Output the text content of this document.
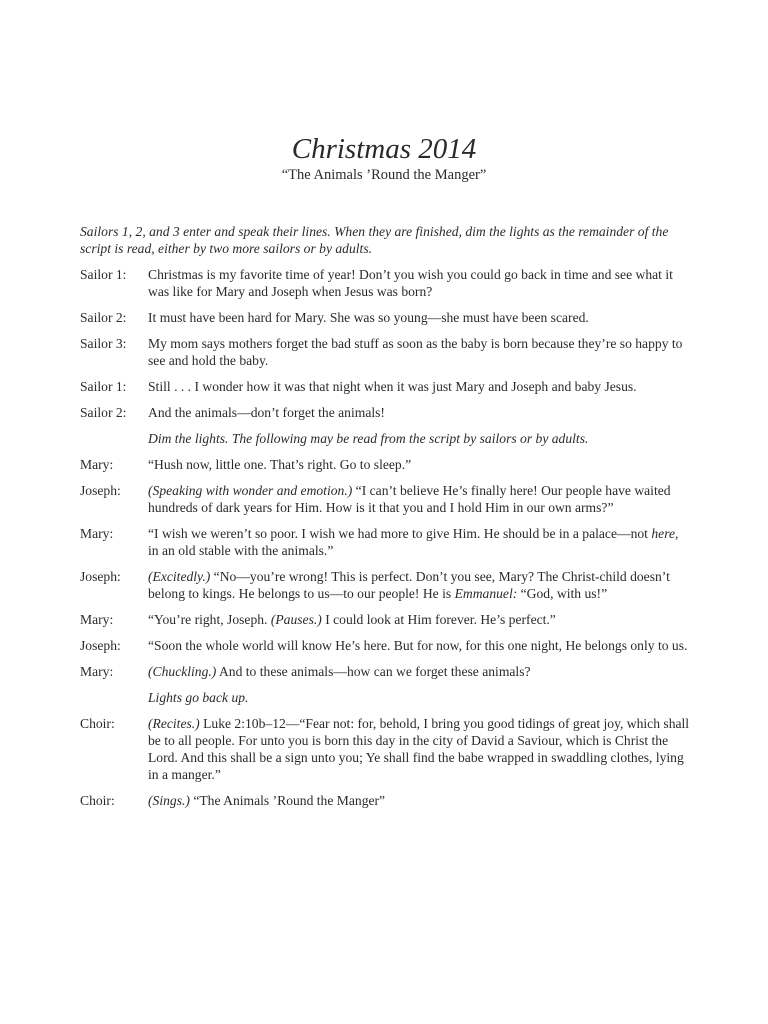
Christmas 2014

“The Animals ’Round the Manger”

Sailors 1, 2, and 3 enter and speak their lines. When they are finished, dim the lights as the remainder of the script is read, either by two more sailors or by adults.

Sailor 1:	Christmas is my favorite time of year! Don’t you wish you could go back in time and see what it was like for Mary and Joseph when Jesus was born?
Sailor 2:	It must have been hard for Mary. She was so young—she must have been scared.
Sailor 3:	My mom says mothers forget the bad stuff as soon as the baby is born because they’re so happy to see and hold the baby.
Sailor 1:	Still . . . I wonder how it was that night when it was just Mary and Joseph and baby Jesus.
Sailor 2:	And the animals—don’t forget the animals!
Dim the lights. The following may be read from the script by sailors or by adults.
Mary:	“Hush now, little one. That’s right. Go to sleep.”
Joseph:	(Speaking with wonder and emotion.) “I can’t believe He’s finally here! Our people have waited hundreds of dark years for Him. How is it that you and I hold Him in our own arms?”
Mary:	“I wish we weren’t so poor. I wish we had more to give Him. He should be in a palace—not here, in an old stable with the animals.”
Joseph:	(Excitedly.) “No—you’re wrong! This is perfect. Don’t you see, Mary? The Christ-child doesn’t belong to kings. He belongs to us—to our people! He is Emmanuel: “God, with us!”
Mary:	“You’re right, Joseph. (Pauses.) I could look at Him forever. He’s perfect.”
Joseph:	“Soon the whole world will know He’s here. But for now, for this one night, He belongs only to us.
Mary:	(Chuckling.) And to these animals—how can we forget these animals?
Lights go back up.
Choir:	(Recites.) Luke 2:10b–12—“Fear not: for, behold, I bring you good tidings of great joy, which shall be to all people. For unto you is born this day in the city of David a Saviour, which is Christ the Lord. And this shall be a sign unto you; Ye shall find the babe wrapped in swaddling clothes, lying in a manger.”
Choir:	(Sings.) “The Animals ’Round the Manger”
